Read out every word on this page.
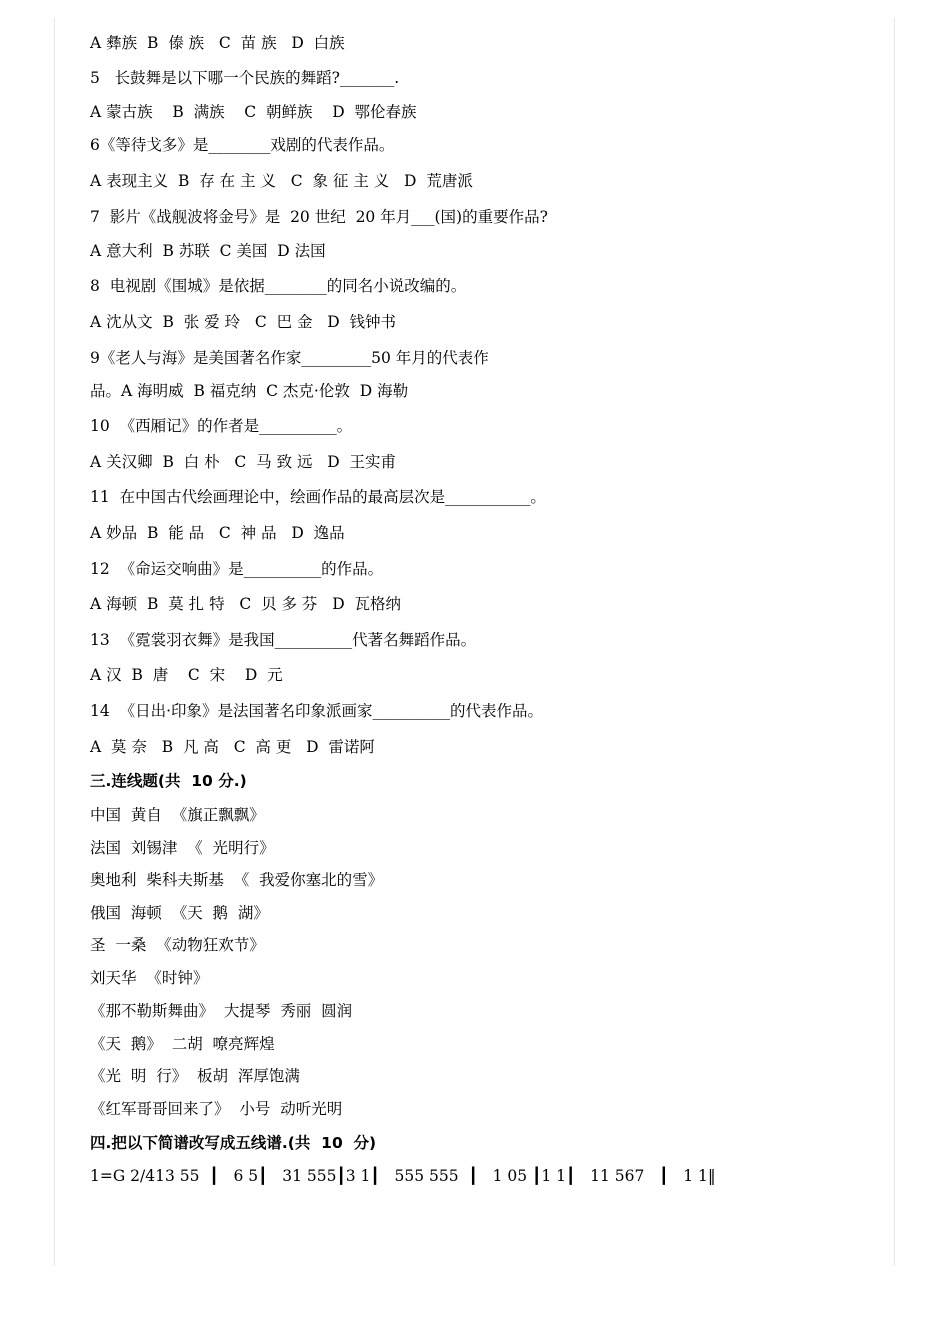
A 彝族  B  傣 族   C  苗 族   D  白族
5   长鼓舞是以下哪一个民族的舞蹈?_______.
A 蒙古族    B  满族    C  朝鲜族    D  鄂伦春族
6《等待戈多》是________戏剧的代表作品。
A 表现主义  B  存 在 主 义   C  象 征 主 义   D  荒唐派
7  影片《战舰波将金号》是  20 世纪  20 年月___(国)的重要作品?
A 意大利  B 苏联  C 美国  D 法国
8  电视剧《围城》是依据________的同名小说改编的。
A 沈从文  B  张 爱 玲   C  巴 金   D  钱钟书
9《老人与海》是美国著名作家_________50 年月的代表作
品。A 海明威  B 福克纳  C 杰克·伦敦  D 海勒
10  《西厢记》的作者是__________。
A 关汉卿  B  白 朴   C  马 致 远   D  王实甫
11  在中国古代绘画理论中，绘画作品的最高层次是___________。
A 妙品  B  能 品   C  神 品   D  逸品
12  《命运交响曲》是__________的作品。
A 海顿  B  莫 扎 特   C  贝 多 芬   D  瓦格纳
13  《霓裳羽衣舞》是我国__________代著名舞蹈作品。
A 汉  B  唐    C  宋    D  元
14  《日出·印象》是法国著名印象派画家__________的代表作品。
A  莫 奈   B  凡 高   C  高 更   D  雷诺阿
三.连线题(共  10 分.)
中国  黄自  《旗正飘飘》
法国  刘锡津  《  光明行》
奥地利  柴科夫斯基  《  我爱你塞北的雪》
俄国  海顿  《天  鹅  湖》
圣  一桑  《动物狂欢节》
刘天华  《时钟》
《那不勒斯舞曲》  大提琴  秀丽  圆润
《天  鹅》  二胡  嘹亮辉煌
《光  明  行》  板胡  浑厚饱满
《红军哥哥回来了》  小号  动听光明
四.把以下简谱改写成五线谱.(共  10  分)
1=G 2/413 55  ┃   6 5┃   31 555┃3 1┃   555 555  ┃   1 05 ┃1 1┃   11 567   ┃   1 1‖
